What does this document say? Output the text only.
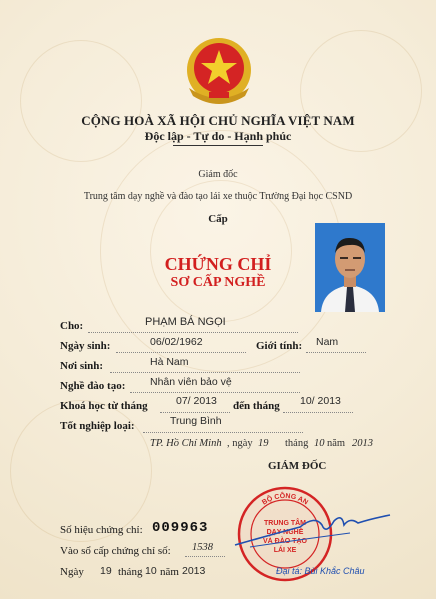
CỘNG HOÀ XÃ HỘI CHỦ NGHĨA VIỆT NAM
Độc lập - Tự do - Hạnh phúc
Giám đốc
Trung tâm dạy nghề và đào tạo lái xe thuộc Trường Đại học CSND
Cấp
CHỨNG CHỈ
SƠ CẤP NGHỀ
Cho:	PHẠM BÁ NGỌI
Ngày sinh:	06/02/1962	Giới tính: Nam
Nơi sinh:	Hà Nam
Nghề đào tạo: Nhân viên bảo vệ
Khoá học từ tháng	07/ 2013 đến tháng 10/ 2013
Tốt nghiệp loại:	Trung Bình
TP. Hồ Chí Minh , ngày 19 tháng 10 năm 2013
GIÁM ĐỐC
Số hiệu chứng chỉ: 009963
Vào sổ cấp chứng chỉ số: 1538
Ngày 19 tháng 10 năm 2013
BỘ CÔNG AN
TRUNG TÂM
DẠY NGHỀ
VÀ ĐÀO TẠO
LÁI XE
Đại tá: Bùi Khắc Châu
